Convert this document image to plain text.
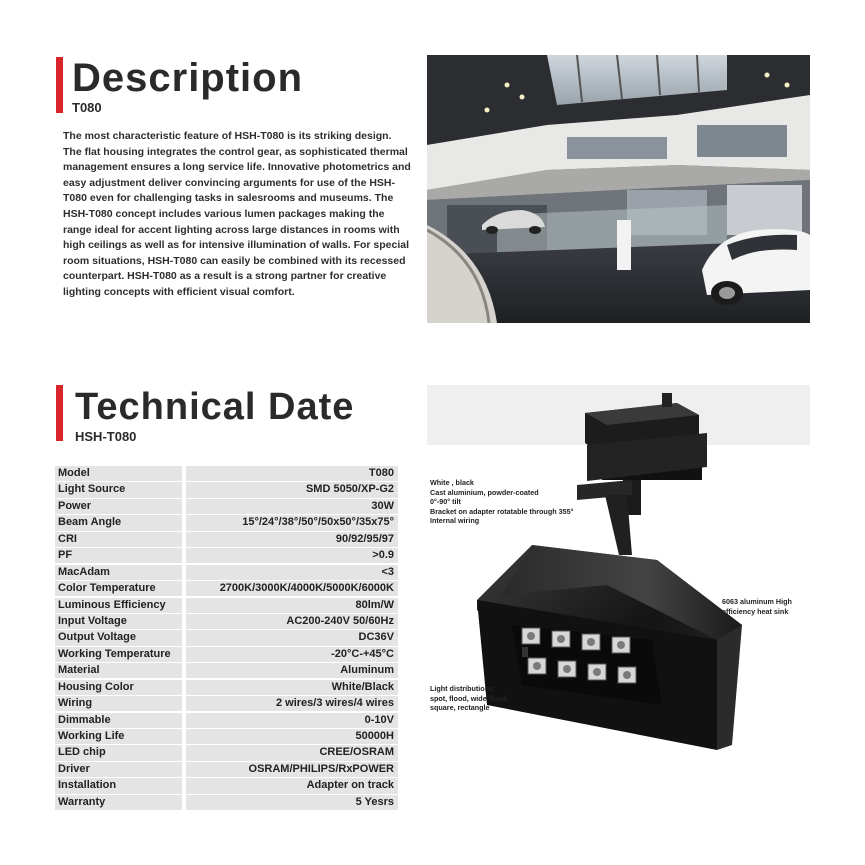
Description
T080

The most characteristic feature of HSH-T080 is its striking design. The flat housing integrates the control gear, as sophisticated thermal management ensures a long service life. Innovative photometrics and easy adjustment deliver convincing arguments for use of the HSH-T080 even for challenging tasks in salesrooms and museums. The HSH-T080 concept includes various lumen packages making the range ideal for accent lighting across large distances in rooms with high ceilings as well as for intensive illumination of walls. For special room situations, HSH-T080 can easily be combined with its recessed counterpart. HSH-T080 as a result is a strong partner for creative lighting concepts with efficient visual comfort.

Technical Date
HSH-T080
Model	T080
Light Source	SMD 5050/XP-G2
Power	30W
Beam Angle	15°/24°/38°/50°/50x50°/35x75°
CRI	90/92/95/97
PF	>0.9
MacAdam	<3
Color Temperature	2700K/3000K/4000K/5000K/6000K
Luminous Efficiency	80lm/W
Input Voltage	AC200-240V 50/60Hz
Output Voltage	DC36V
Working Temperature	-20°C-+45°C
Material	Aluminum
Housing Color	White/Black
Wiring	2 wires/3 wires/4 wires
Dimmable	0-10V
Working Life	50000H
LED chip	CREE/OSRAM
Driver	OSRAM/PHILIPS/RxPOWER
Installation	Adapter on track
Warranty	5 Yesrs
White , black
Cast aluminium, powder-coated
0°-90° tilt
Bracket on adapter rotatable through 355°
Internal wiring
6063 aluminum High
efficiency heat sink
Light distributions:
spot, flood, wide flood,
square, rectangle
